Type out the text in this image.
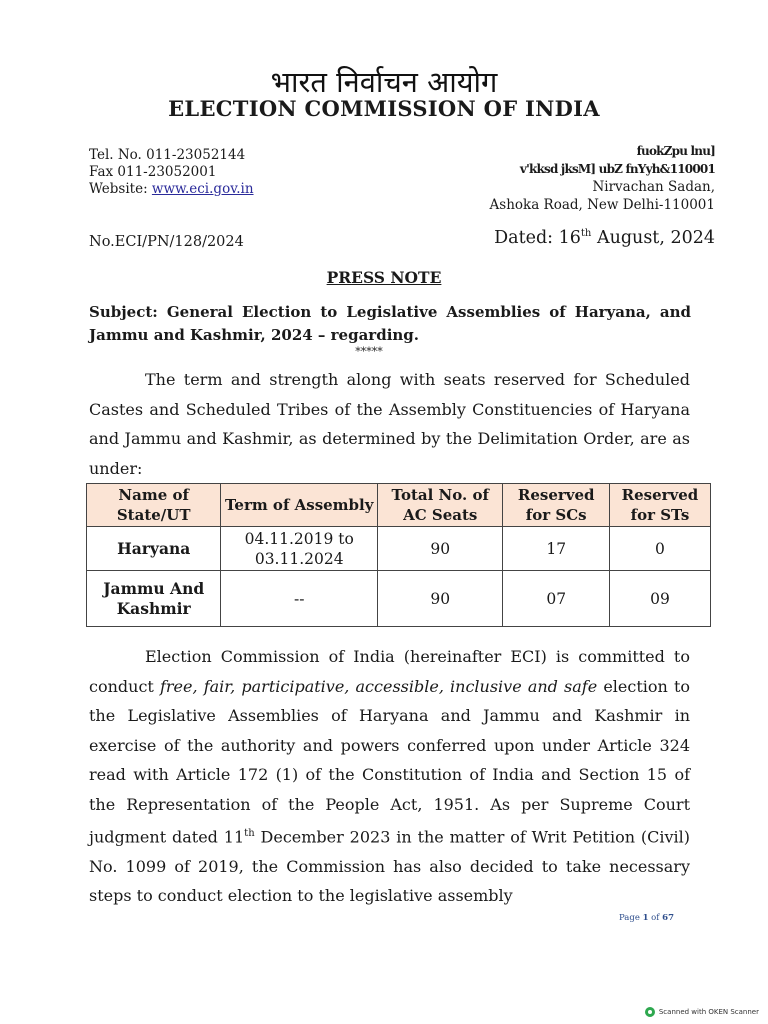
भारत निर्वाचन आयोग
ELECTION COMMISSION OF INDIA
Tel. No. 011-23052144
Fax 011-23052001
Website: www.eci.gov.in
fuokZpu lnu]
v'kksd jksM] ubZ fnYyh&110001
Nirvachan Sadan,
Ashoka Road, New Delhi-110001
No.ECI/PN/128/2024	Dated: 16th August, 2024
PRESS NOTE
Subject: General Election to Legislative Assemblies of Haryana, and Jammu and Kashmir, 2024 – regarding.
*****
The term and strength along with seats reserved for Scheduled Castes and Scheduled Tribes of the Assembly Constituencies of Haryana and Jammu and Kashmir, as determined by the Delimitation Order, are as under:
Name of State/UT	Term of Assembly	Total No. of AC Seats	Reserved for SCs	Reserved for STs
Haryana	04.11.2019 to 03.11.2024	90	17	0
Jammu And Kashmir	--	90	07	09
Election Commission of India (hereinafter ECI) is committed to conduct free, fair, participative, accessible, inclusive and safe election to the Legislative Assemblies of Haryana and Jammu and Kashmir in exercise of the authority and powers conferred upon under Article 324 read with Article 172 (1) of the Constitution of India and Section 15 of the Representation of the People Act, 1951. As per Supreme Court judgment dated 11th December 2023 in the matter of Writ Petition (Civil) No. 1099 of 2019, the Commission has also decided to take necessary steps to conduct election to the legislative assembly
Page 1 of 67
Scanned with OKEN Scanner
